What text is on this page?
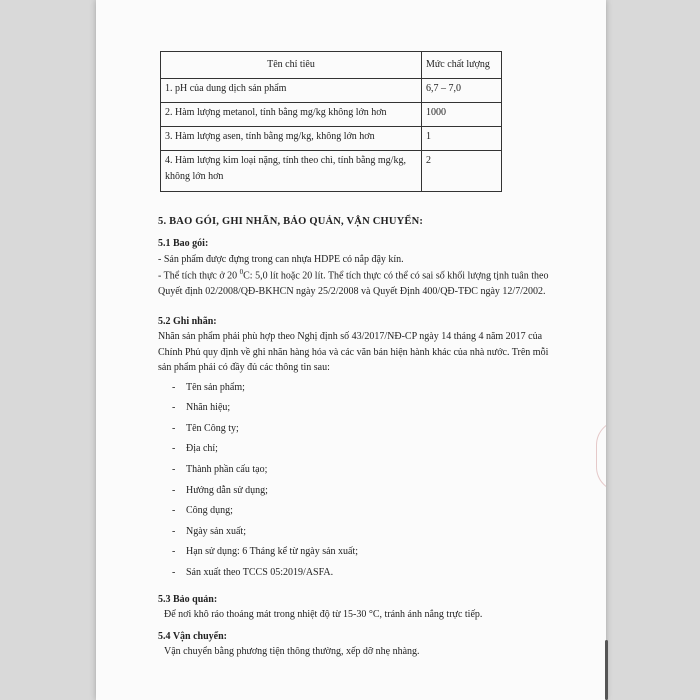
Tên chỉ tiêu	Mức chất lượng
1. pH của dung dịch sản phẩm	6,7 – 7,0
2. Hàm lượng metanol, tính bằng mg/kg không lớn hơn	1000
3. Hàm lượng asen, tính bằng mg/kg, không lớn hơn	1
4. Hàm lượng kim loại nặng, tính theo chì, tính bằng mg/kg, không lớn hơn	2
5. BAO GÓI, GHI NHÃN, BẢO QUẢN, VẬN CHUYỂN:
5.1 Bao gói:

- Sản phẩm được đựng trong can nhựa HDPE có nắp đậy kín.

- Thể tích thực ở 20 $^0$C: 5,0 lít hoặc 20 lít. Thể tích thực có thể có sai số khối lượng tịnh tuân theo Quyết định 02/2008/QĐ-BKHCN ngày 25/2/2008 và Quyết Định 400/QĐ-TĐC ngày 12/7/2002.

5.2 Ghi nhãn:

Nhãn sản phẩm phải phù hợp theo Nghị định số 43/2017/NĐ-CP ngày 14 tháng 4 năm 2017 của Chính Phủ quy định về ghi nhãn hàng hóa và các văn bản hiện hành khác của nhà nước. Trên mỗi sản phẩm phải có đầy đủ các thông tin sau:

- Tên sản phẩm;
- Nhãn hiệu;
- Tên Công ty;
- Địa chỉ;
- Thành phần cấu tạo;
- Hướng dẫn sử dụng;
- Công dụng;
- Ngày sản xuất;
- Hạn sử dụng: 6 Tháng kể từ ngày sản xuất;
- Sản xuất theo TCCS 05:2019/ASFA.
5.3 Bảo quản:

Để nơi khô ráo thoáng mát trong nhiệt độ từ 15-30 °C, tránh ánh nắng trực tiếp.

5.4 Vận chuyển:

Vận chuyển bằng phương tiện thông thường, xếp dỡ nhẹ nhàng.
